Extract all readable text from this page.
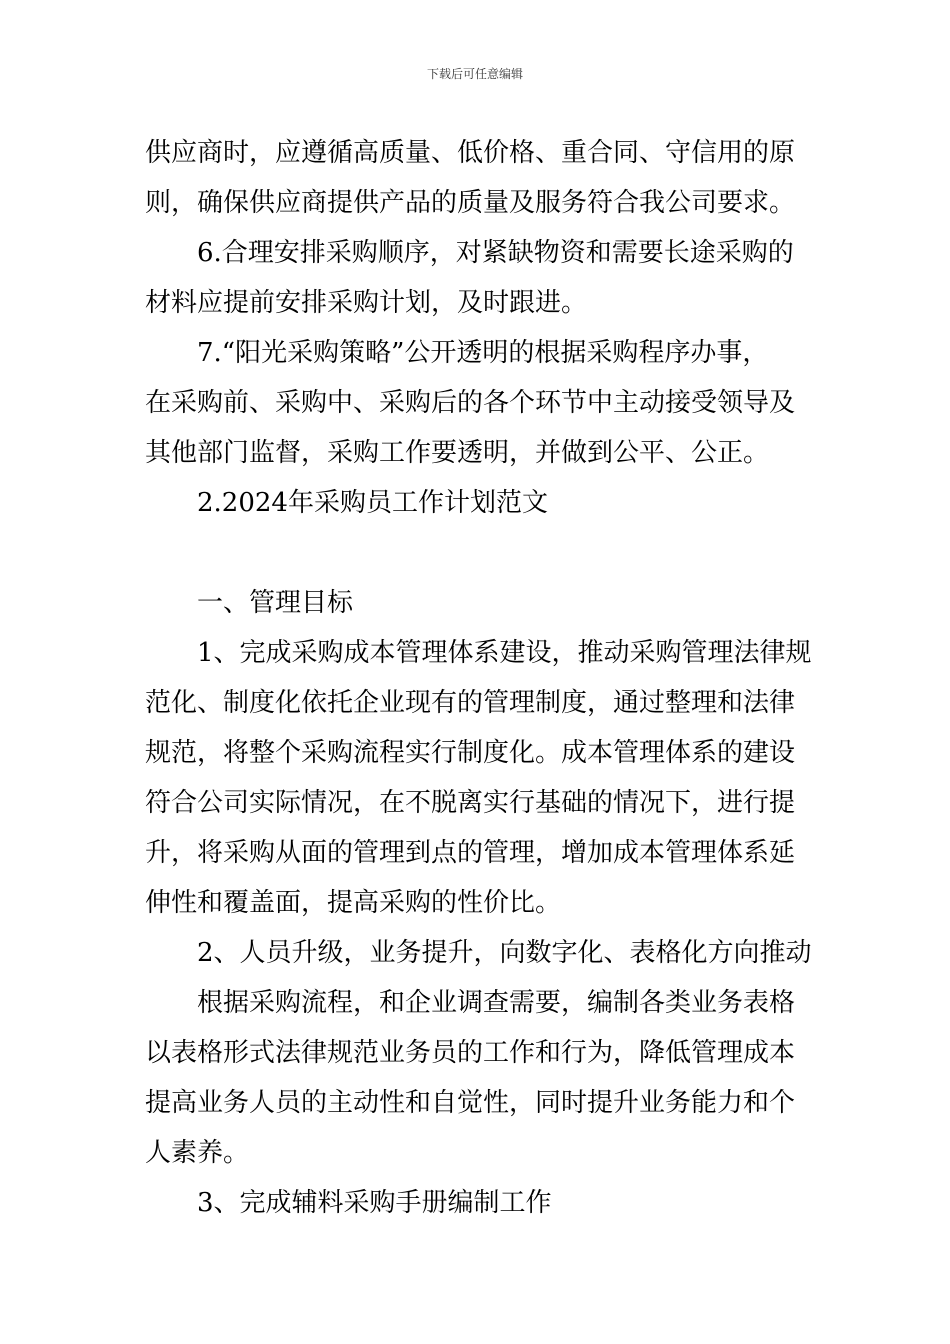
下载后可任意编辑
供应商时，应遵循高质量、低价格、重合同、守信用的原
则，确保供应商提供产品的质量及服务符合我公司要求。
6.合理安排采购顺序，对紧缺物资和需要长途采购的
材料应提前安排采购计划，及时跟进。
7.“阳光采购策略”公开透明的根据采购程序办事，
在采购前、采购中、采购后的各个环节中主动接受领导及
其他部门监督，采购工作要透明，并做到公平、公正。
2.2024年采购员工作计划范文
一、管理目标
1、完成采购成本管理体系建设，推动采购管理法律规
范化、制度化依托企业现有的管理制度，通过整理和法律
规范，将整个采购流程实行制度化。成本管理体系的建设
符合公司实际情况，在不脱离实行基础的情况下，进行提
升，将采购从面的管理到点的管理，增加成本管理体系延
伸性和覆盖面，提高采购的性价比。
2、人员升级，业务提升，向数字化、表格化方向推动
根据采购流程，和企业调查需要，编制各类业务表格
以表格形式法律规范业务员的工作和行为，降低管理成本
提高业务人员的主动性和自觉性，同时提升业务能力和个
人素养。
3、完成辅料采购手册编制工作
